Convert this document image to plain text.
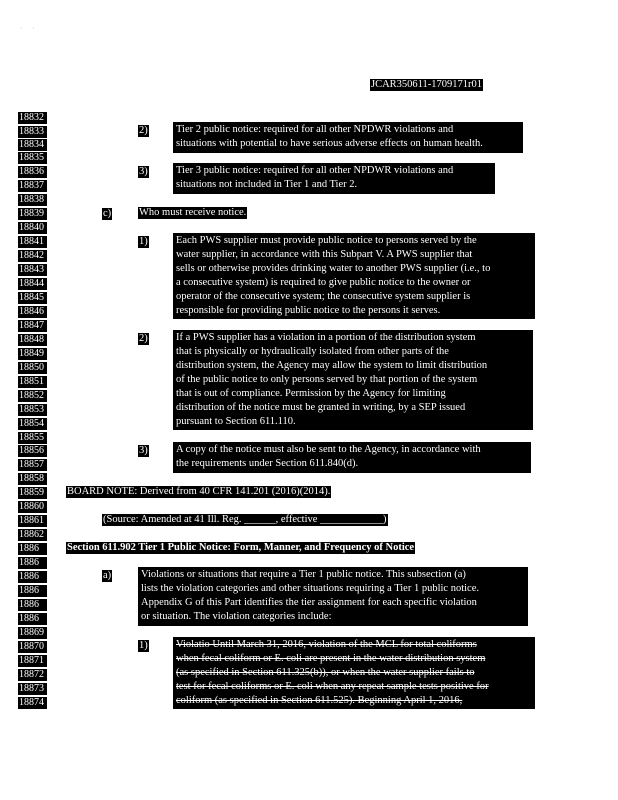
·       ·
JCAR350611-1709171r01
18832
18833
18834
18835
18836
18837
18838
18839
18840
18841
18842
18843
18844
18845
18846
18847
18848
18849
18850
18851
18852
18853
18854
18855
18856
18857
18858
18859
18860
18861
18862
1886
1886
1886
1886
1886
1886
18869
18870
18871
18872
18873
18874
2)	Tier 2 public notice: required for all other NPDWR violations and
situations with potential to have serious adverse effects on human health.
3)	Tier 3 public notice: required for all other NPDWR violations and
situations not included in Tier 1 and Tier 2.
c)	Who must receive notice.
1)	Each PWS supplier must provide public notice to persons served by the
water supplier, in accordance with this Subpart V. A PWS supplier that
sells or otherwise provides drinking water to another PWS supplier (i.e., to
a consecutive system) is required to give public notice to the owner or
operator of the consecutive system; the consecutive system supplier is
responsible for providing public notice to the persons it serves.
2)	If a PWS supplier has a violation in a portion of the distribution system
that is physically or hydraulically isolated from other parts of the
distribution system, the Agency may allow the system to limit distribution
of the public notice to only persons served by that portion of the system
that is out of compliance. Permission by the Agency for limiting
distribution of the notice must be granted in writing, by a SEP issued
pursuant to Section 611.110.
3)	A copy of the notice must also be sent to the Agency, in accordance with
the requirements under Section 611.840(d).
BOARD NOTE: Derived from 40 CFR 141.201 (2016)(2014).
(Source: Amended at 41 Ill. Reg. ______, effective ____________)
Section 611.902 Tier 1 Public Notice: Form, Manner, and Frequency of Notice
a)	Violations or situations that require a Tier 1 public notice. This subsection (a)
lists the violation categories and other situations requiring a Tier 1 public notice.
Appendix G of this Part identifies the tier assignment for each specific violation
or situation. The violation categories include:
1)	Violatio Until March 31, 2016, violation of the MCL for total coliforms
when fecal coliform or E. coli are present in the water distribution system
(as specified in Section 611.325(b)), or when the water supplier fails to
test for fecal coliforms or E. coli when any repeat sample tests positive for
coliform (as specified in Section 611.525). Beginning April 1, 2016,
